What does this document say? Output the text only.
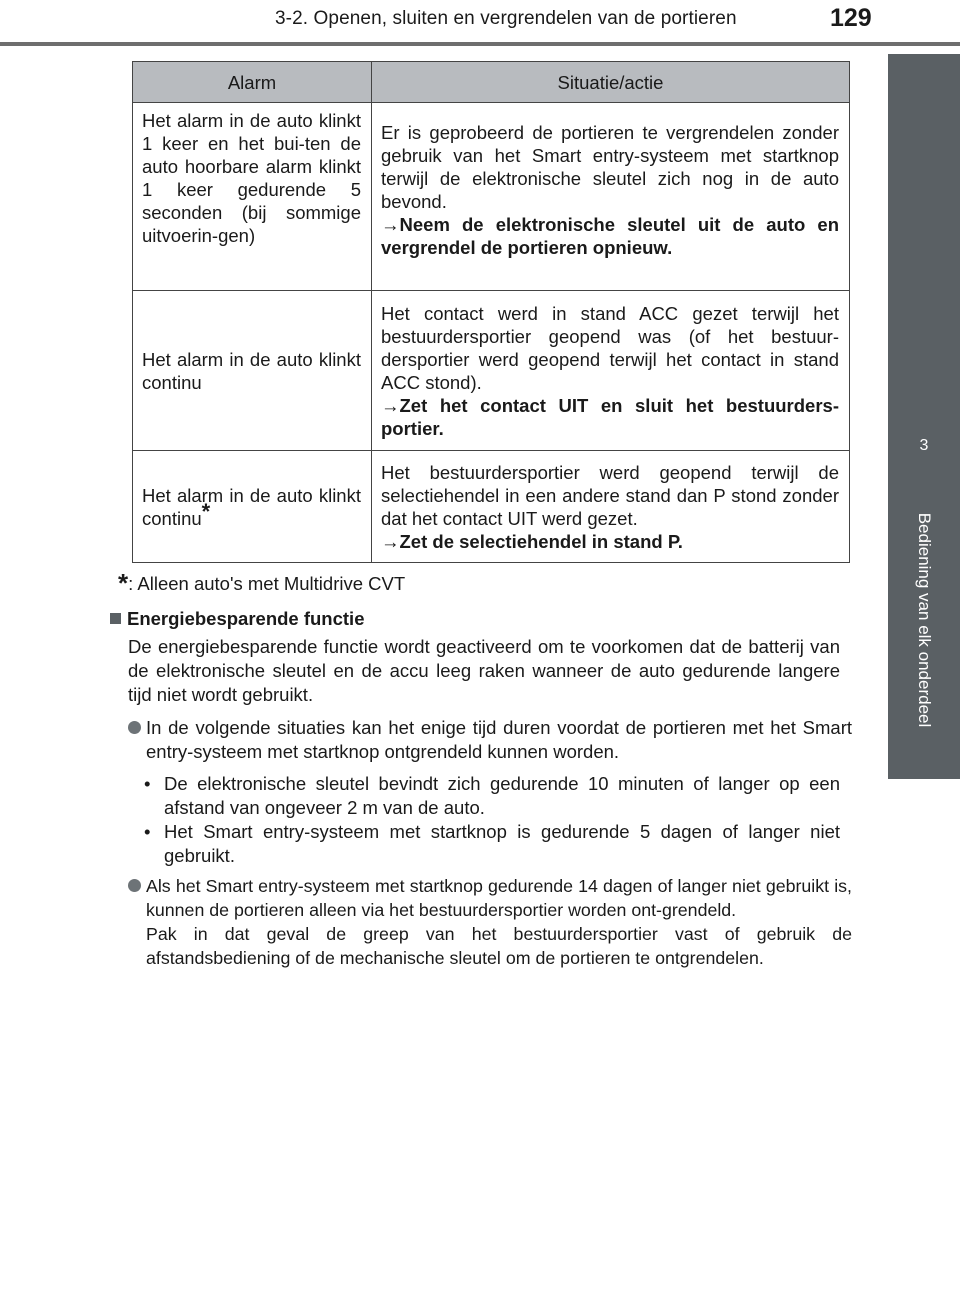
3-2. Openen, sluiten en vergrendelen van de portieren	129
3
Bediening van elk onderdeel
Alarm	Situatie/actie
Het alarm in de auto klinkt 1 keer en het bui-ten de auto hoorbare alarm klinkt 1 keer gedurende 5 seconden (bij sommige uitvoerin-gen)	Er is geprobeerd de portieren te vergrendelen zonder gebruik van het Smart entry-systeem met startknop terwijl de elektronische sleutel zich nog in de auto bevond.
→Neem de elektronische sleutel uit de auto en vergrendel de portieren opnieuw.

Het alarm in de auto klinkt continu	Het contact werd in stand ACC gezet terwijl het bestuurdersportier geopend was (of het bestuur-dersportier werd geopend terwijl het contact in stand ACC stond).
→Zet het contact UIT en sluit het bestuurders-portier.

Het alarm in de auto klinkt continu*	Het bestuurdersportier werd geopend terwijl de selectiehendel in een andere stand dan P stond zonder dat het contact UIT werd gezet.
→Zet de selectiehendel in stand P.
*: Alleen auto's met Multidrive CVT
Energiebesparende functie
De energiebesparende functie wordt geactiveerd om te voorkomen dat de batterij van de elektronische sleutel en de accu leeg raken wanneer de auto gedurende langere tijd niet wordt gebruikt.
In de volgende situaties kan het enige tijd duren voordat de portieren met het Smart entry-systeem met startknop ontgrendeld kunnen worden.
• De elektronische sleutel bevindt zich gedurende 10 minuten of langer op een afstand van ongeveer 2 m van de auto.
• Het Smart entry-systeem met startknop is gedurende 5 dagen of langer niet gebruikt.
Als het Smart entry-systeem met startknop gedurende 14 dagen of langer niet gebruikt is, kunnen de portieren alleen via het bestuurdersportier worden ont-grendeld.
Pak in dat geval de greep van het bestuurdersportier vast of gebruik de afstandsbediening of de mechanische sleutel om de portieren te ontgrendelen.
